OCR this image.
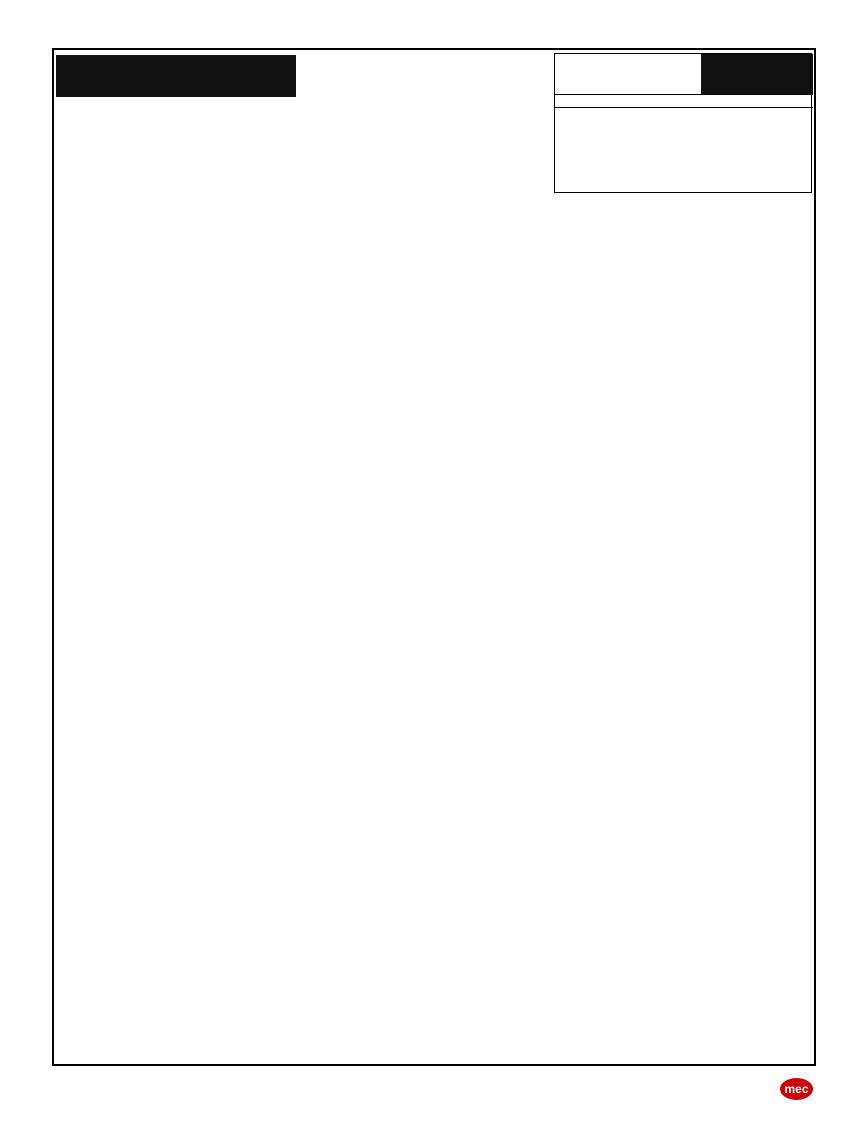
mec
